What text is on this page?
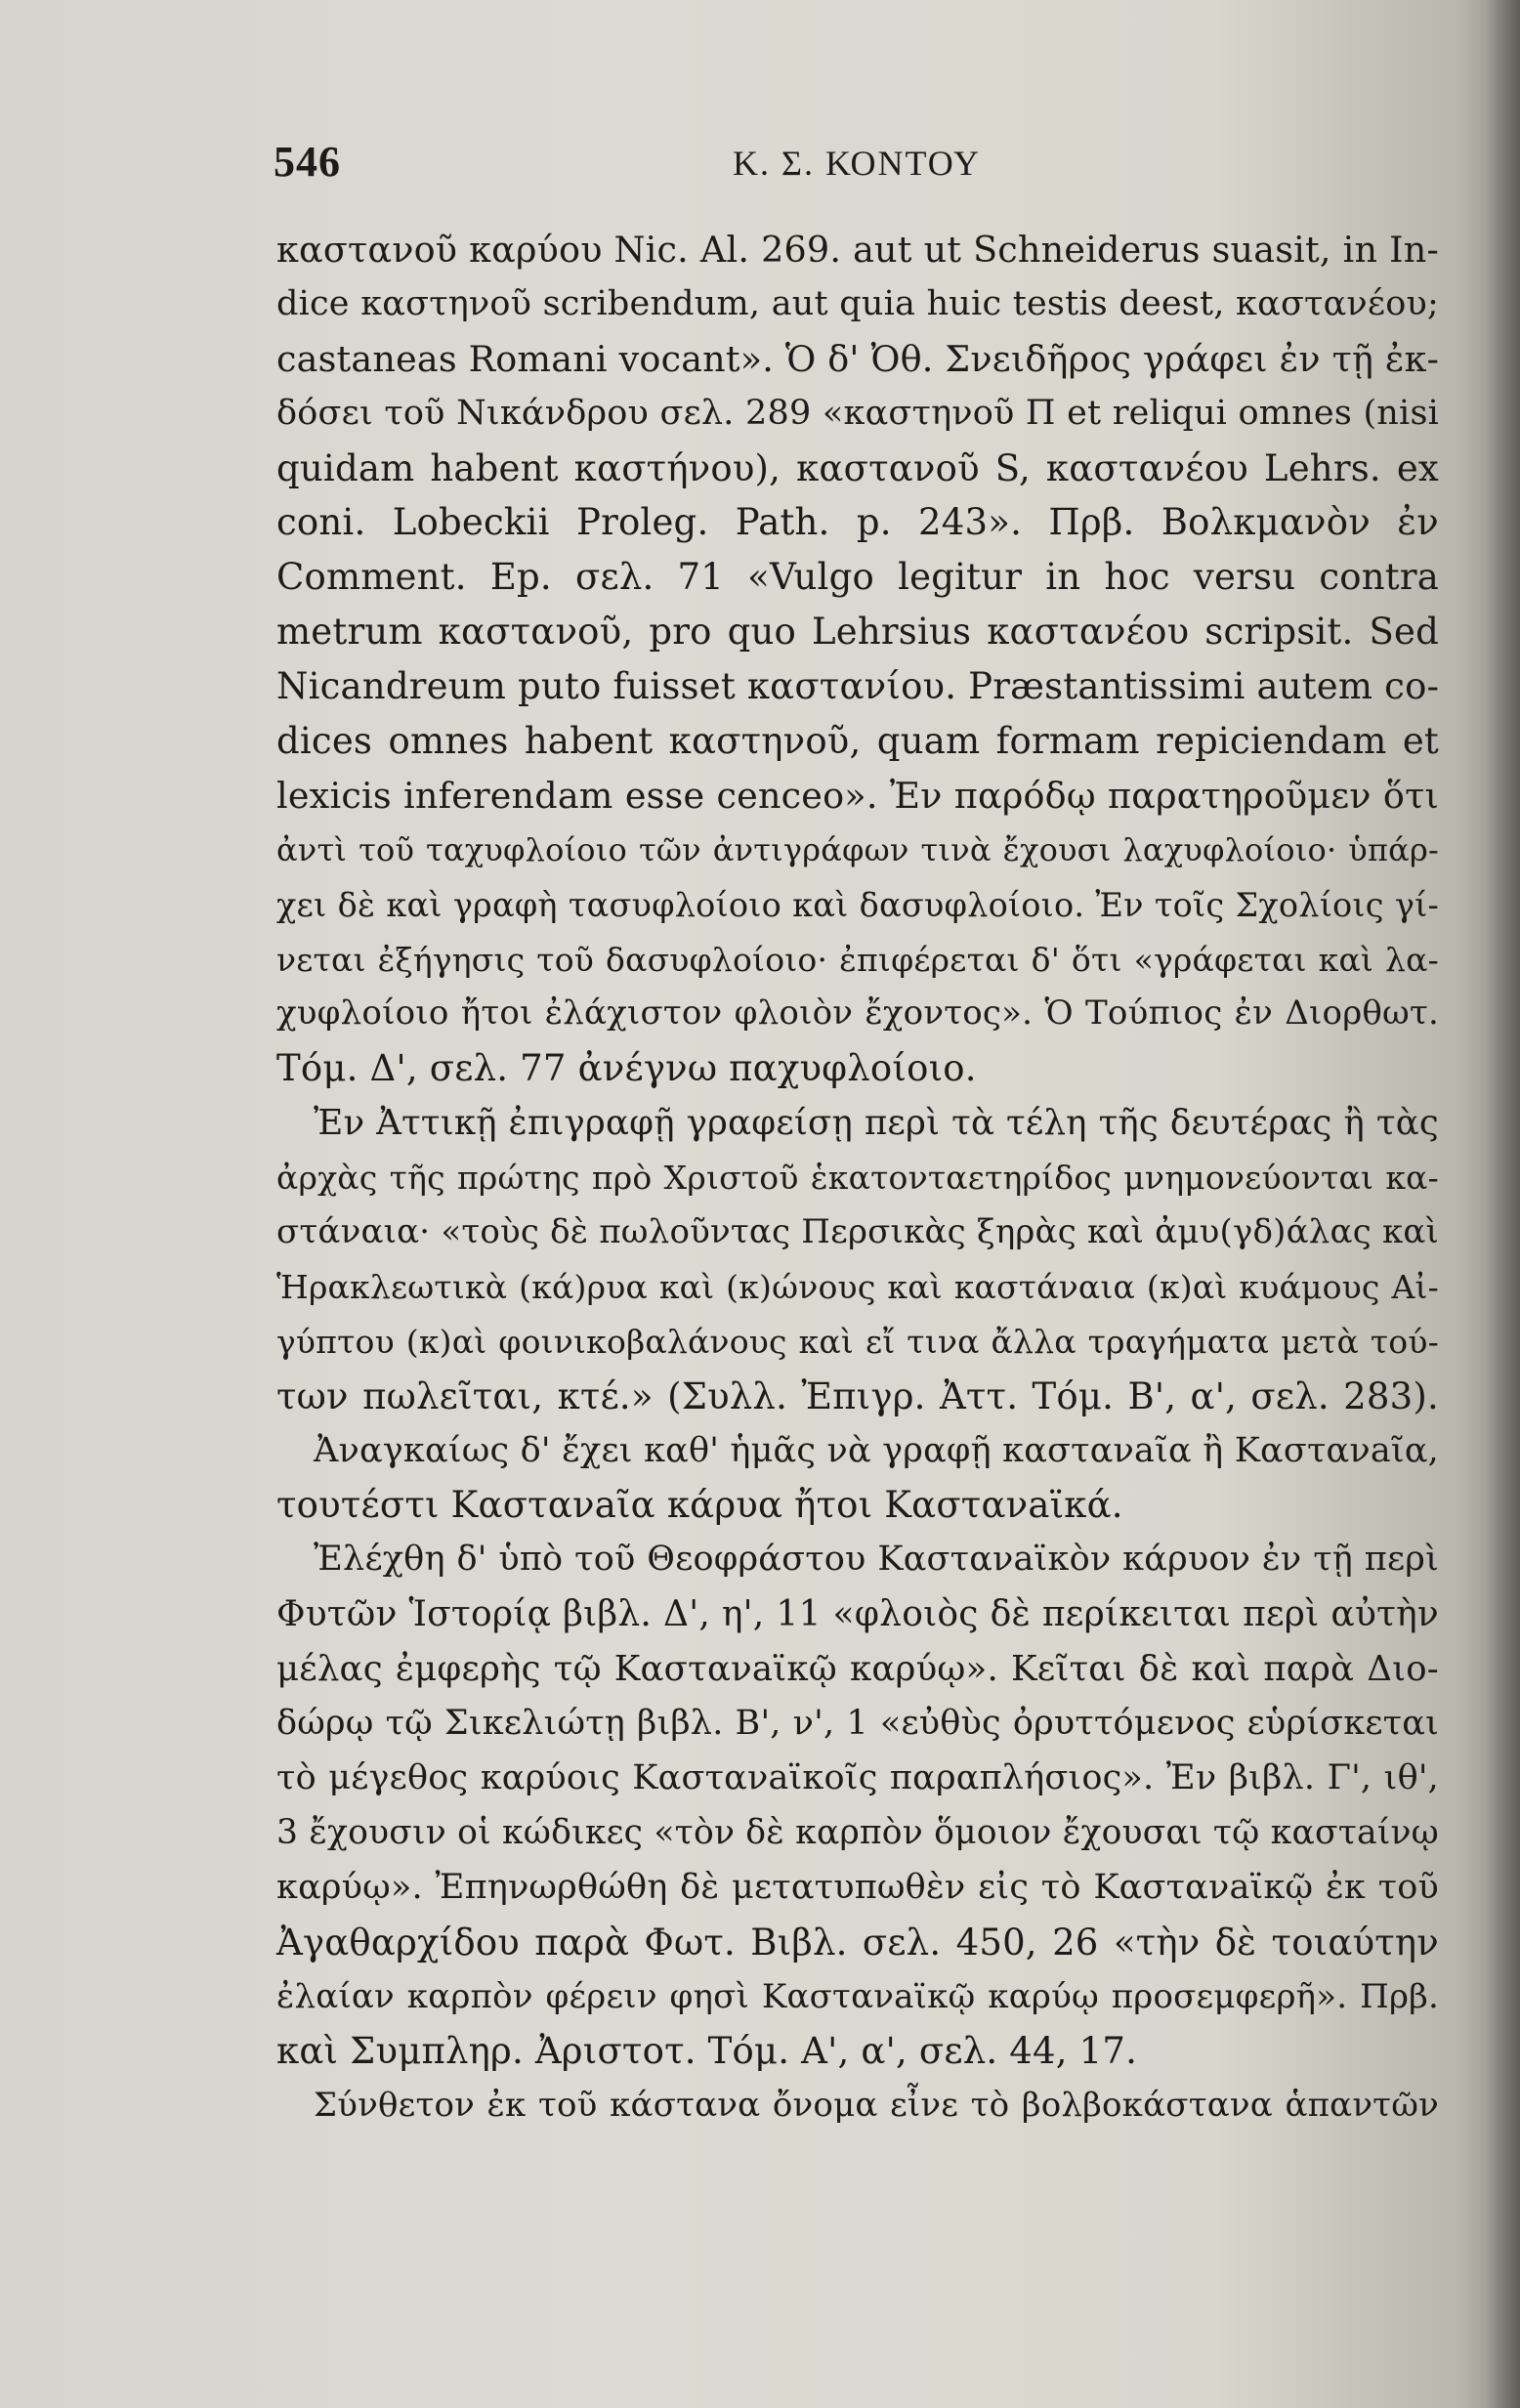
546	Κ. Σ. ΚΟΝΤΟΥ
καστανοῦ καρύου Nic. Al. 269. aut ut Schneiderus suasit, in In-
dice καστηνοῦ scribendum, aut quia huic testis deest, καστανέου;
castaneas Romani vocant». Ὁ δ' Ὀθ. Σνειδῆρος γράφει ἐν τῇ ἐκ-
δόσει τοῦ Νικάνδρου σελ. 289 «καστηνοῦ Π et reliqui omnes (nisi
quidam habent καστήνου), καστανοῦ S, καστανέου Lehrs. ex
coni. Lobeckii Proleg. Path. p. 243». Πρβ. Βολκμανὸν ἐν
Comment. Ep. σελ. 71 «Vulgo legitur in hoc versu contra
metrum καστανοῦ, pro quo Lehrsius καστανέου scripsit. Sed
Nicandreum puto fuisset καστανίου. Præstantissimi autem co-
dices omnes habent καστηνοῦ, quam formam repiciendam et
lexicis inferendam esse cenceo». Ἐν παρόδῳ παρατηροῦμεν ὅτι
ἀντὶ τοῦ ταχυφλοίοιο τῶν ἀντιγράφων τινὰ ἔχουσι λαχυφλοίοιο· ὑπάρ-
χει δὲ καὶ γραφὴ τασυφλοίοιο καὶ δασυφλοίοιο. Ἐν τοῖς Σχολίοις γί-
νεται ἐξήγησις τοῦ δασυφλοίοιο· ἐπιφέρεται δ' ὅτι «γράφεται καὶ λα-
χυφλοίοιο ἤτοι ἐλάχιστον φλοιὸν ἔχοντος». Ὁ Τούπιος ἐν Διορθωτ.
Τόμ. Δ', σελ. 77 ἀνέγνω παχυφλοίοιο.
Ἐν Ἀττικῇ ἐπιγραφῇ γραφείσῃ περὶ τὰ τέλη τῆς δευτέρας ἢ τὰς
ἀρχὰς τῆς πρώτης πρὸ Χριστοῦ ἑκατονταετηρίδος μνημονεύονται κα-
στάναια· «τοὺς δὲ πωλοῦντας Περσικὰς ξηρὰς καὶ ἀμυ(γδ)άλας καὶ
Ἡρακλεωτικὰ (κά)ρυα καὶ (κ)ώνους καὶ καστάναια (κ)αὶ κυάμους Αἰ-
γύπτου (κ)αὶ φοινικοβαλάνους καὶ εἴ τινα ἄλλα τραγήματα μετὰ τού-
των πωλεῖται, κτέ.» (Συλλ. Ἐπιγρ. Ἀττ. Τόμ. Β', α', σελ. 283).
Ἀναγκαίως δ' ἔχει καθ' ἡμᾶς νὰ γραφῇ καστανaῖα ἢ Καστανaῖα,
τουτέστι Καστανaῖα κάρυα ἤτοι Καστανaϊκά.
Ἐλέχθη δ' ὑπὸ τοῦ Θεοφράστου Καστανaϊκὸν κάρυον ἐν τῇ περὶ
Φυτῶν Ἱστορίᾳ βιβλ. Δ', η', 11 «φλοιὸς δὲ περίκειται περὶ αὐτὴν
μέλας ἐμφερὴς τῷ Καστανaϊκῷ καρύῳ». Κεῖται δὲ καὶ παρὰ Διο-
δώρῳ τῷ Σικελιώτῃ βιβλ. Β', ν', 1 «εὐθὺς ὀρυττόμενος εὑρίσκεται
τὸ μέγεθος καρύοις Καστανaϊκοῖς παραπλήσιος». Ἐν βιβλ. Γ', ιθ',
3 ἔχουσιν οἱ κώδικες «τὸν δὲ καρπὸν ὅμοιον ἔχουσαι τῷ καστaίνῳ
καρύῳ». Ἐπηνωρθώθη δὲ μετατυπωθὲν εἰς τὸ Καστανaϊκῷ ἐκ τοῦ
Ἀγαθαρχίδου παρὰ Φωτ. Βιβλ. σελ. 450, 26 «τὴν δὲ τοιαύτην
ἐλαίαν καρπὸν φέρειν φησὶ Καστανaϊκῷ καρύῳ προσεμφερῆ». Πρβ.
καὶ Συμπληρ. Ἀριστοτ. Τόμ. Α', α', σελ. 44, 17.
Σύνθετον ἐκ τοῦ κάστανα ὄνομα εἶνε τὸ βολβοκάστανα ἁπαντῶν
